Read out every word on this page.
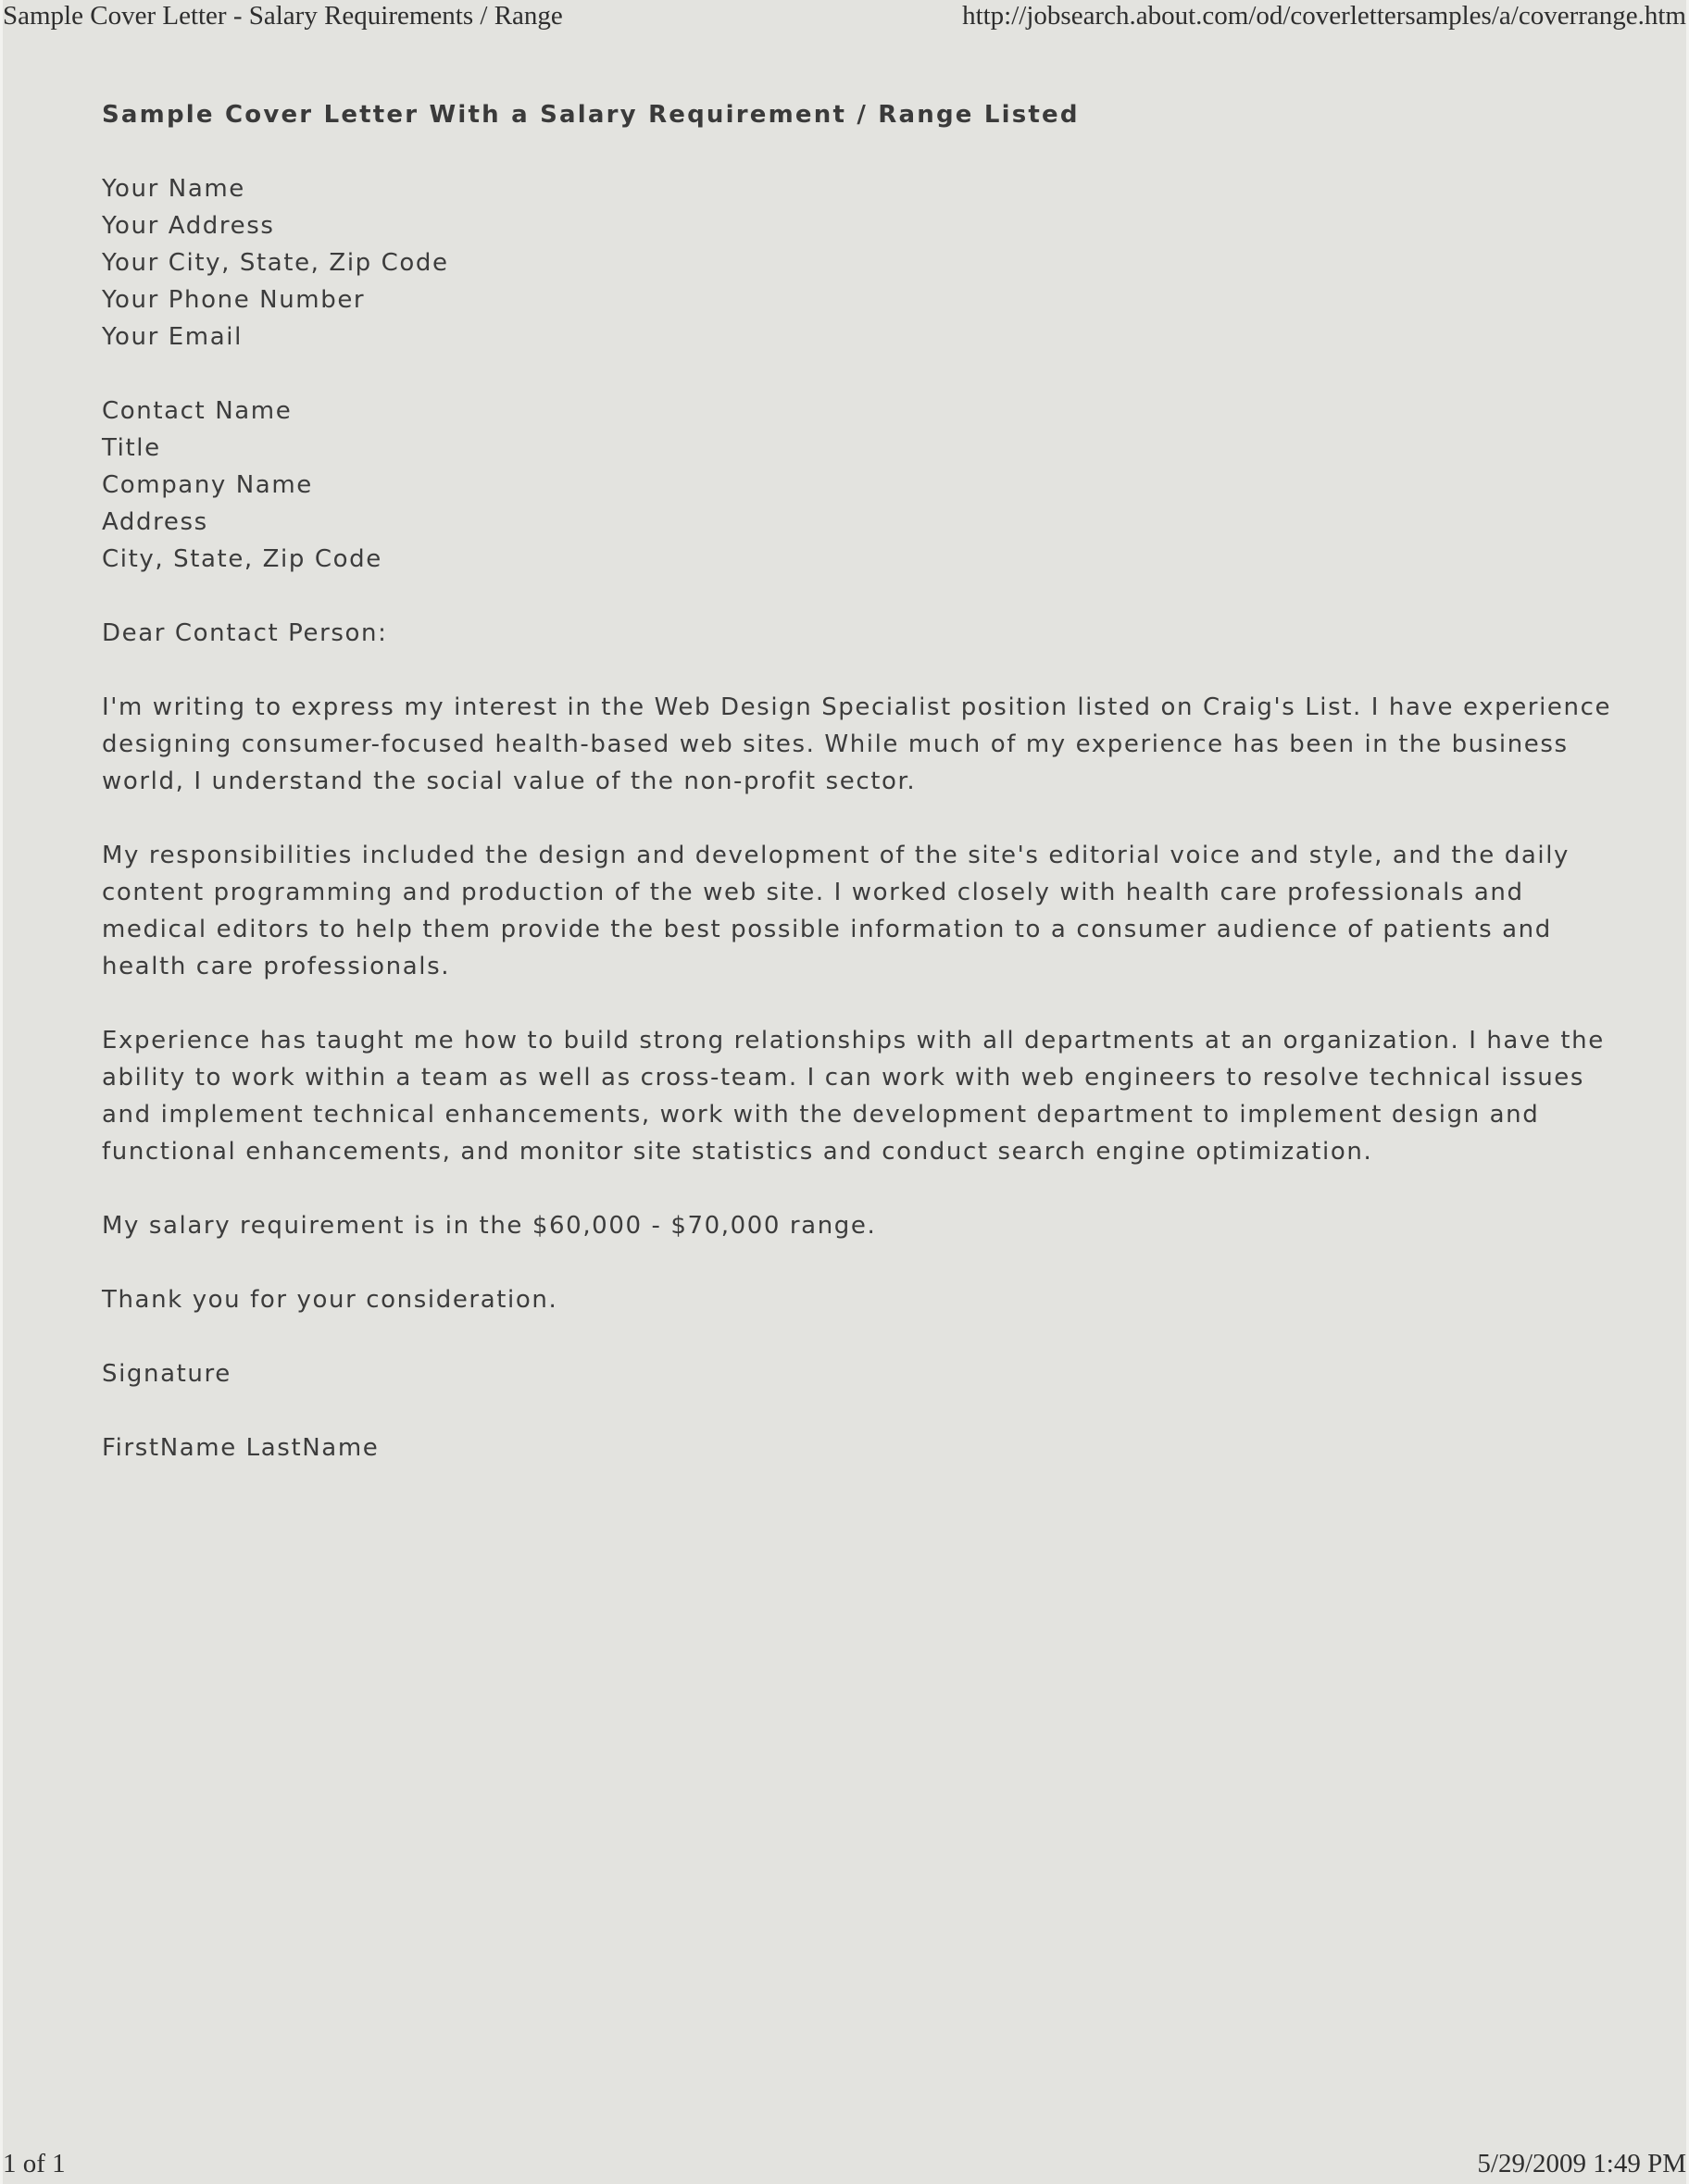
Sample Cover Letter - Salary Requirements / Range	http://jobsearch.about.com/od/coverlettersamples/a/coverrange.htm

Sample Cover Letter With a Salary Requirement / Range Listed

Your Name
Your Address
Your City, State, Zip Code
Your Phone Number
Your Email
Contact Name
Title
Company Name
Address
City, State, Zip Code

Dear Contact Person:

I'm writing to express my interest in the Web Design Specialist position listed on Craig's List. I have experience designing consumer-focused health-based web sites. While much of my experience has been in the business world, I understand the social value of the non-profit sector.

My responsibilities included the design and development of the site's editorial voice and style, and the daily content programming and production of the web site. I worked closely with health care professionals and medical editors to help them provide the best possible information to a consumer audience of patients and health care professionals.

Experience has taught me how to build strong relationships with all departments at an organization. I have the ability to work within a team as well as cross-team. I can work with web engineers to resolve technical issues and implement technical enhancements, work with the development department to implement design and functional enhancements, and monitor site statistics and conduct search engine optimization.

My salary requirement is in the $60,000 - $70,000 range.

Thank you for your consideration.

Signature

FirstName LastName

1 of 1	5/29/2009 1:49 PM
